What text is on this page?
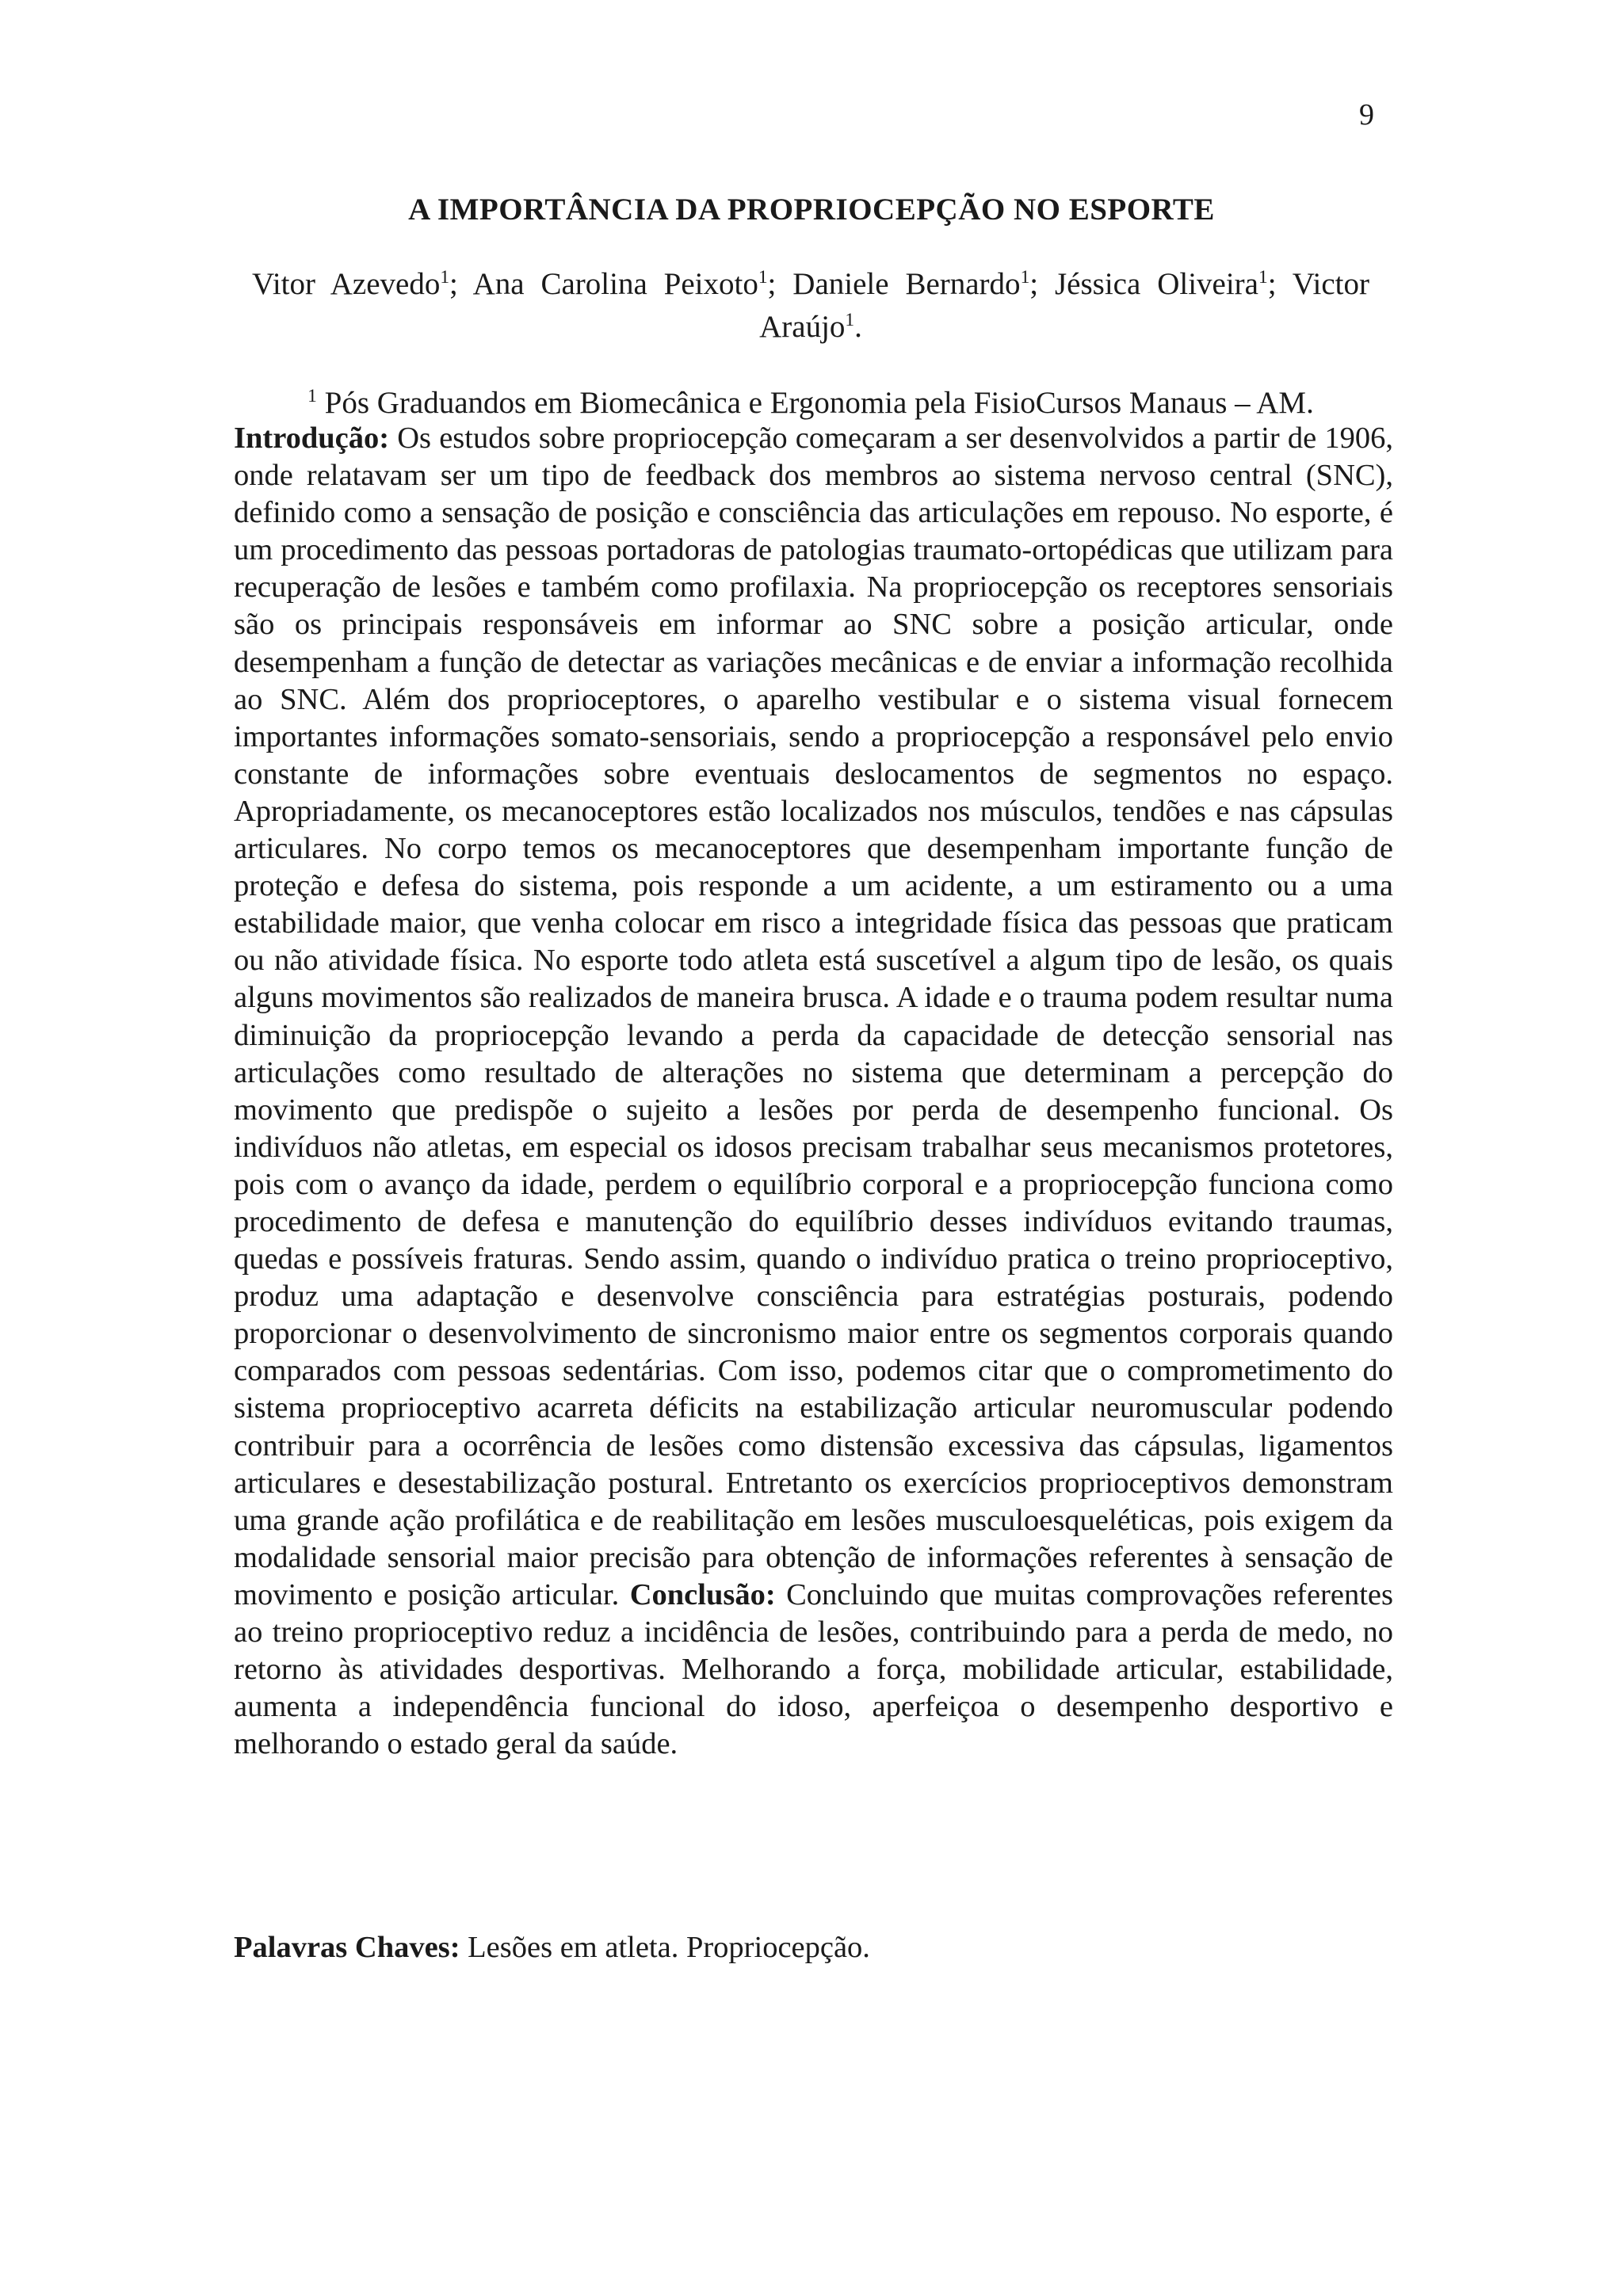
9
A IMPORTÂNCIA DA PROPRIOCEPÇÃO NO ESPORTE
Vitor Azevedo$^1$; Ana Carolina Peixoto$^1$; Daniele Bernardo$^1$; Jéssica Oliveira$^1$; Victor Araújo$^1$.
$^1$ Pós Graduandos em Biomecânica e Ergonomia pela FisioCursos Manaus – AM.

Introdução: Os estudos sobre propriocepção começaram a ser desenvolvidos a partir de 1906, onde relatavam ser um tipo de feedback dos membros ao sistema nervoso central (SNC), definido como a sensação de posição e consciência das articulações em repouso. No esporte, é um procedimento das pessoas portadoras de patologias traumato-ortopédicas que utilizam para recuperação de lesões e também como profilaxia. Na propriocepção os receptores sensoriais são os principais responsáveis em informar ao SNC sobre a posição articular, onde desempenham a função de detectar as variações mecânicas e de enviar a informação recolhida ao SNC. Além dos proprioceptores, o aparelho vestibular e o sistema visual fornecem importantes informações somato-sensoriais, sendo a propriocepção a responsável pelo envio constante de informações sobre eventuais deslocamentos de segmentos no espaço. Apropriadamente, os mecanoceptores estão localizados nos músculos, tendões e nas cápsulas articulares. No corpo temos os mecanoceptores que desempenham importante função de proteção e defesa do sistema, pois responde a um acidente, a um estiramento ou a uma estabilidade maior, que venha colocar em risco a integridade física das pessoas que praticam ou não atividade física. No esporte todo atleta está suscetível a algum tipo de lesão, os quais alguns movimentos são realizados de maneira brusca. A idade e o trauma podem resultar numa diminuição da propriocepção levando a perda da capacidade de detecção sensorial nas articulações como resultado de alterações no sistema que determinam a percepção do movimento que predispõe o sujeito a lesões por perda de desempenho funcional. Os indivíduos não atletas, em especial os idosos precisam trabalhar seus mecanismos protetores, pois com o avanço da idade, perdem o equilíbrio corporal e a propriocepção funciona como procedimento de defesa e manutenção do equilíbrio desses indivíduos evitando traumas, quedas e possíveis fraturas. Sendo assim, quando o indivíduo pratica o treino proprioceptivo, produz uma adaptação e desenvolve consciência para estratégias posturais, podendo proporcionar o desenvolvimento de sincronismo maior entre os segmentos corporais quando comparados com pessoas sedentárias. Com isso, podemos citar que o comprometimento do sistema proprioceptivo acarreta déficits na estabilização articular neuromuscular podendo contribuir para a ocorrência de lesões como distensão excessiva das cápsulas, ligamentos articulares e desestabilização postural. Entretanto os exercícios proprioceptivos demonstram uma grande ação profilática e de reabilitação em lesões musculoesqueléticas, pois exigem da modalidade sensorial maior precisão para obtenção de informações referentes à sensação de movimento e posição articular. Conclusão: Concluindo que muitas comprovações referentes ao treino proprioceptivo reduz a incidência de lesões, contribuindo para a perda de medo, no retorno às atividades desportivas. Melhorando a força, mobilidade articular, estabilidade, aumenta a independência funcional do idoso, aperfeiçoa o desempenho desportivo e melhorando o estado geral da saúde.

Palavras Chaves: Lesões em atleta. Propriocepção.
